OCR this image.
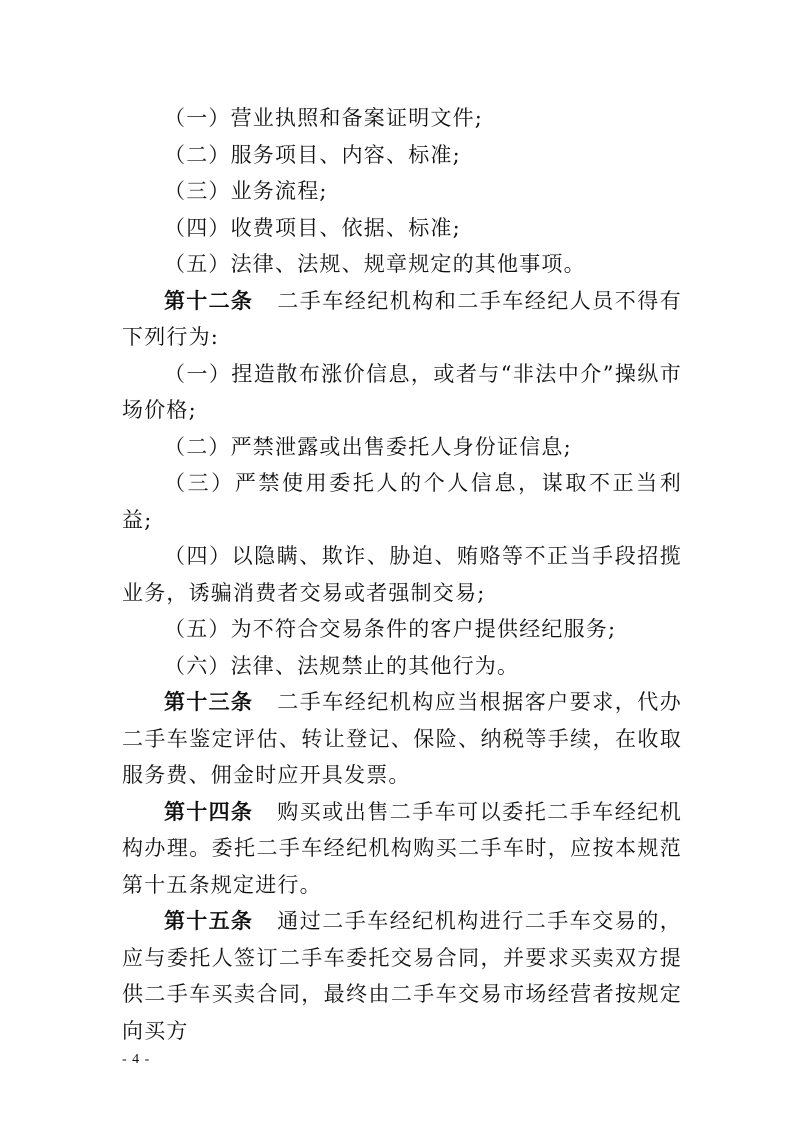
（一）营业执照和备案证明文件;

（二）服务项目、内容、标准;

（三）业务流程;

（四）收费项目、依据、标准;

（五）法律、法规、规章规定的其他事项。

第十二条 二手车经纪机构和二手车经纪人员不得有下列行为:

（一）捏造散布涨价信息，或者与“非法中介”操纵市场价格;

（二）严禁泄露或出售委托人身份证信息;

（三）严禁使用委托人的个人信息，谋取不正当利益;

（四）以隐瞒、欺诈、胁迫、贿赂等不正当手段招揽业务，诱骗消费者交易或者强制交易;

（五）为不符合交易条件的客户提供经纪服务;

（六）法律、法规禁止的其他行为。

第十三条 二手车经纪机构应当根据客户要求，代办二手车鉴定评估、转让登记、保险、纳税等手续，在收取服务费、佣金时应开具发票。

第十四条 购买或出售二手车可以委托二手车经纪机构办理。委托二手车经纪机构购买二手车时，应按本规范第十五条规定进行。

第十五条 通过二手车经纪机构进行二手车交易的，应与委托人签订二手车委托交易合同，并要求买卖双方提供二手车买卖合同，最终由二手车交易市场经营者按规定向买方

- 4 -
